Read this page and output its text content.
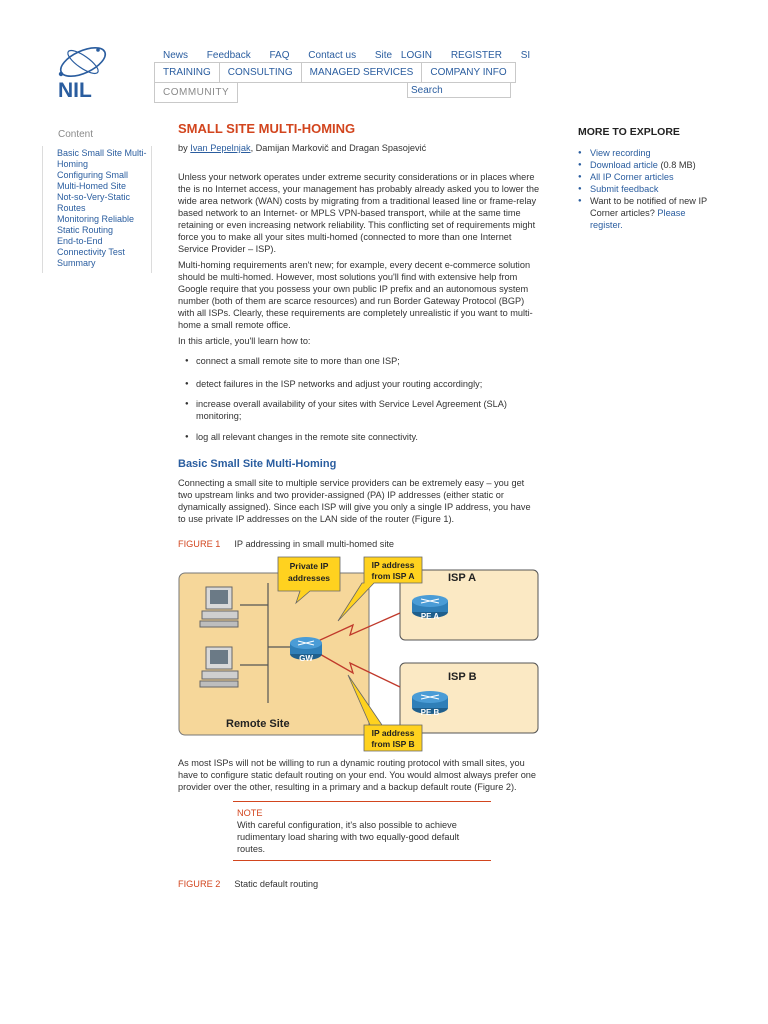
NIL
News Feedback FAQ Contact us Site LOGIN REGISTER SI
TRAINING	CONSULTING	MANAGED SERVICES	COMPANY INFO
COMMUNITY
Search
Content
Basic Small Site Multi-
Homing
Configuring Small
Multi-Homed Site
Not-so-Very-Static
Routes
Monitoring Reliable
Static Routing
End-to-End
Connectivity Test
Summary
SMALL SITE MULTI-HOMING
by Ivan Pepelnjak, Damijan Markovič and Dragan Spasojević
Unless your network operates under extreme security considerations or in places where the is no Internet access, your management has probably already asked you to lower the wide area network (WAN) costs by migrating from a traditional leased line or frame-relay based network to an Internet- or MPLS VPN-based transport, while at the same time retaining or even increasing network reliability. This conflicting set of requirements might force you to make all your sites multi-homed (connected to more than one Internet Service Provider – ISP).
Multi-homing requirements aren't new; for example, every decent e-commerce solution should be multi-homed. However, most solutions you'll find with extensive help from Google require that you possess your own public IP prefix and an autonomous system number (both of them are scarce resources) and run Border Gateway Protocol (BGP) with all ISPs. Clearly, these requirements are completely unrealistic if you want to multi-home a small remote office.
In this article, you'll learn how to:
● connect a small remote site to more than one ISP;
● detect failures in the ISP networks and adjust your routing accordingly;
● increase overall availability of your sites with Service Level Agreement (SLA) monitoring;
● log all relevant changes in the remote site connectivity.
Basic Small Site Multi-Homing
Connecting a small site to multiple service providers can be extremely easy – you get two upstream links and two provider-assigned (PA) IP addresses (either static or dynamically assigned). Since each ISP will give you only a single IP address, you have to use private IP addresses on the LAN side of the router (Figure 1).
FIGURE 1 IP addressing in small multi-homed site
GW
PE A
PE B
ISP A
ISP B
Private IP
addresses
IP address
from ISP A
IP address
from ISP B
Remote Site
As most ISPs will not be willing to run a dynamic routing protocol with small sites, you have to configure static default routing on your end. You would almost always prefer one provider over the other, resulting in a primary and a backup default route (Figure 2).
NOTE
With careful configuration, it's also possible to achieve rudimentary load sharing with two equally-good default routes.
FIGURE 2 Static default routing
MORE TO EXPLORE
● View recording
● Download article (0.8 MB)
● All IP Corner articles
● Submit feedback
● Want to be notified of new IP Corner articles? Please register.
